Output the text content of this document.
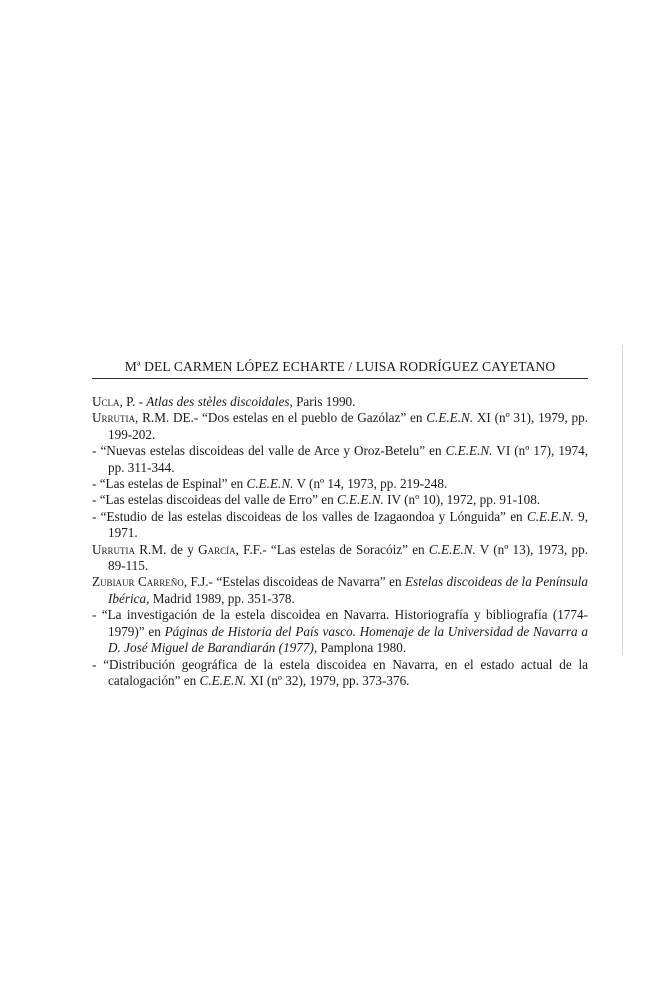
$M^a$ DEL CARMEN LÓPEZ ECHARTE / LUISA RODRÍGUEZ CAYETANO

Ucla, P. - Atlas des stèles discoidales, Paris 1990.

Urrutia, R.M. DE.- “Dos estelas en el pueblo de Gazólaz” en C.E.E.N. XI (nº 31), 1979, pp. 199-202.

- “Nuevas estelas discoideas del valle de Arce y Oroz-Betelu” en C.E.E.N. VI (nº 17), 1974, pp. 311-344.

- “Las estelas de Espinal” en C.E.E.N. V (nº 14, 1973, pp. 219-248.

- “Las estelas discoideas del valle de Erro” en C.E.E.N. IV (nº 10), 1972, pp. 91-108.

- “Estudio de las estelas discoideas de los valles de Izagaondoa y Lónguida” en C.E.E.N. 9, 1971.

Urrutia R.M. de y García, F.F.- “Las estelas de Soracóiz” en C.E.E.N. V (nº 13), 1973, pp. 89-115.

Zubiaur Carreño, F.J.- “Estelas discoideas de Navarra” en Estelas discoideas de la Península Ibérica, Madrid 1989, pp. 351-378.

- “La investigación de la estela discoidea en Navarra. Historiografía y bibliografía (1774-1979)” en Páginas de Historia del País vasco. Homenaje de la Universidad de Navarra a D. José Miguel de Barandiarán (1977), Pamplona 1980.

- “Distribución geográfica de la estela discoidea en Navarra, en el estado actual de la catalogación” en C.E.E.N. XI (nº 32), 1979, pp. 373-376.
